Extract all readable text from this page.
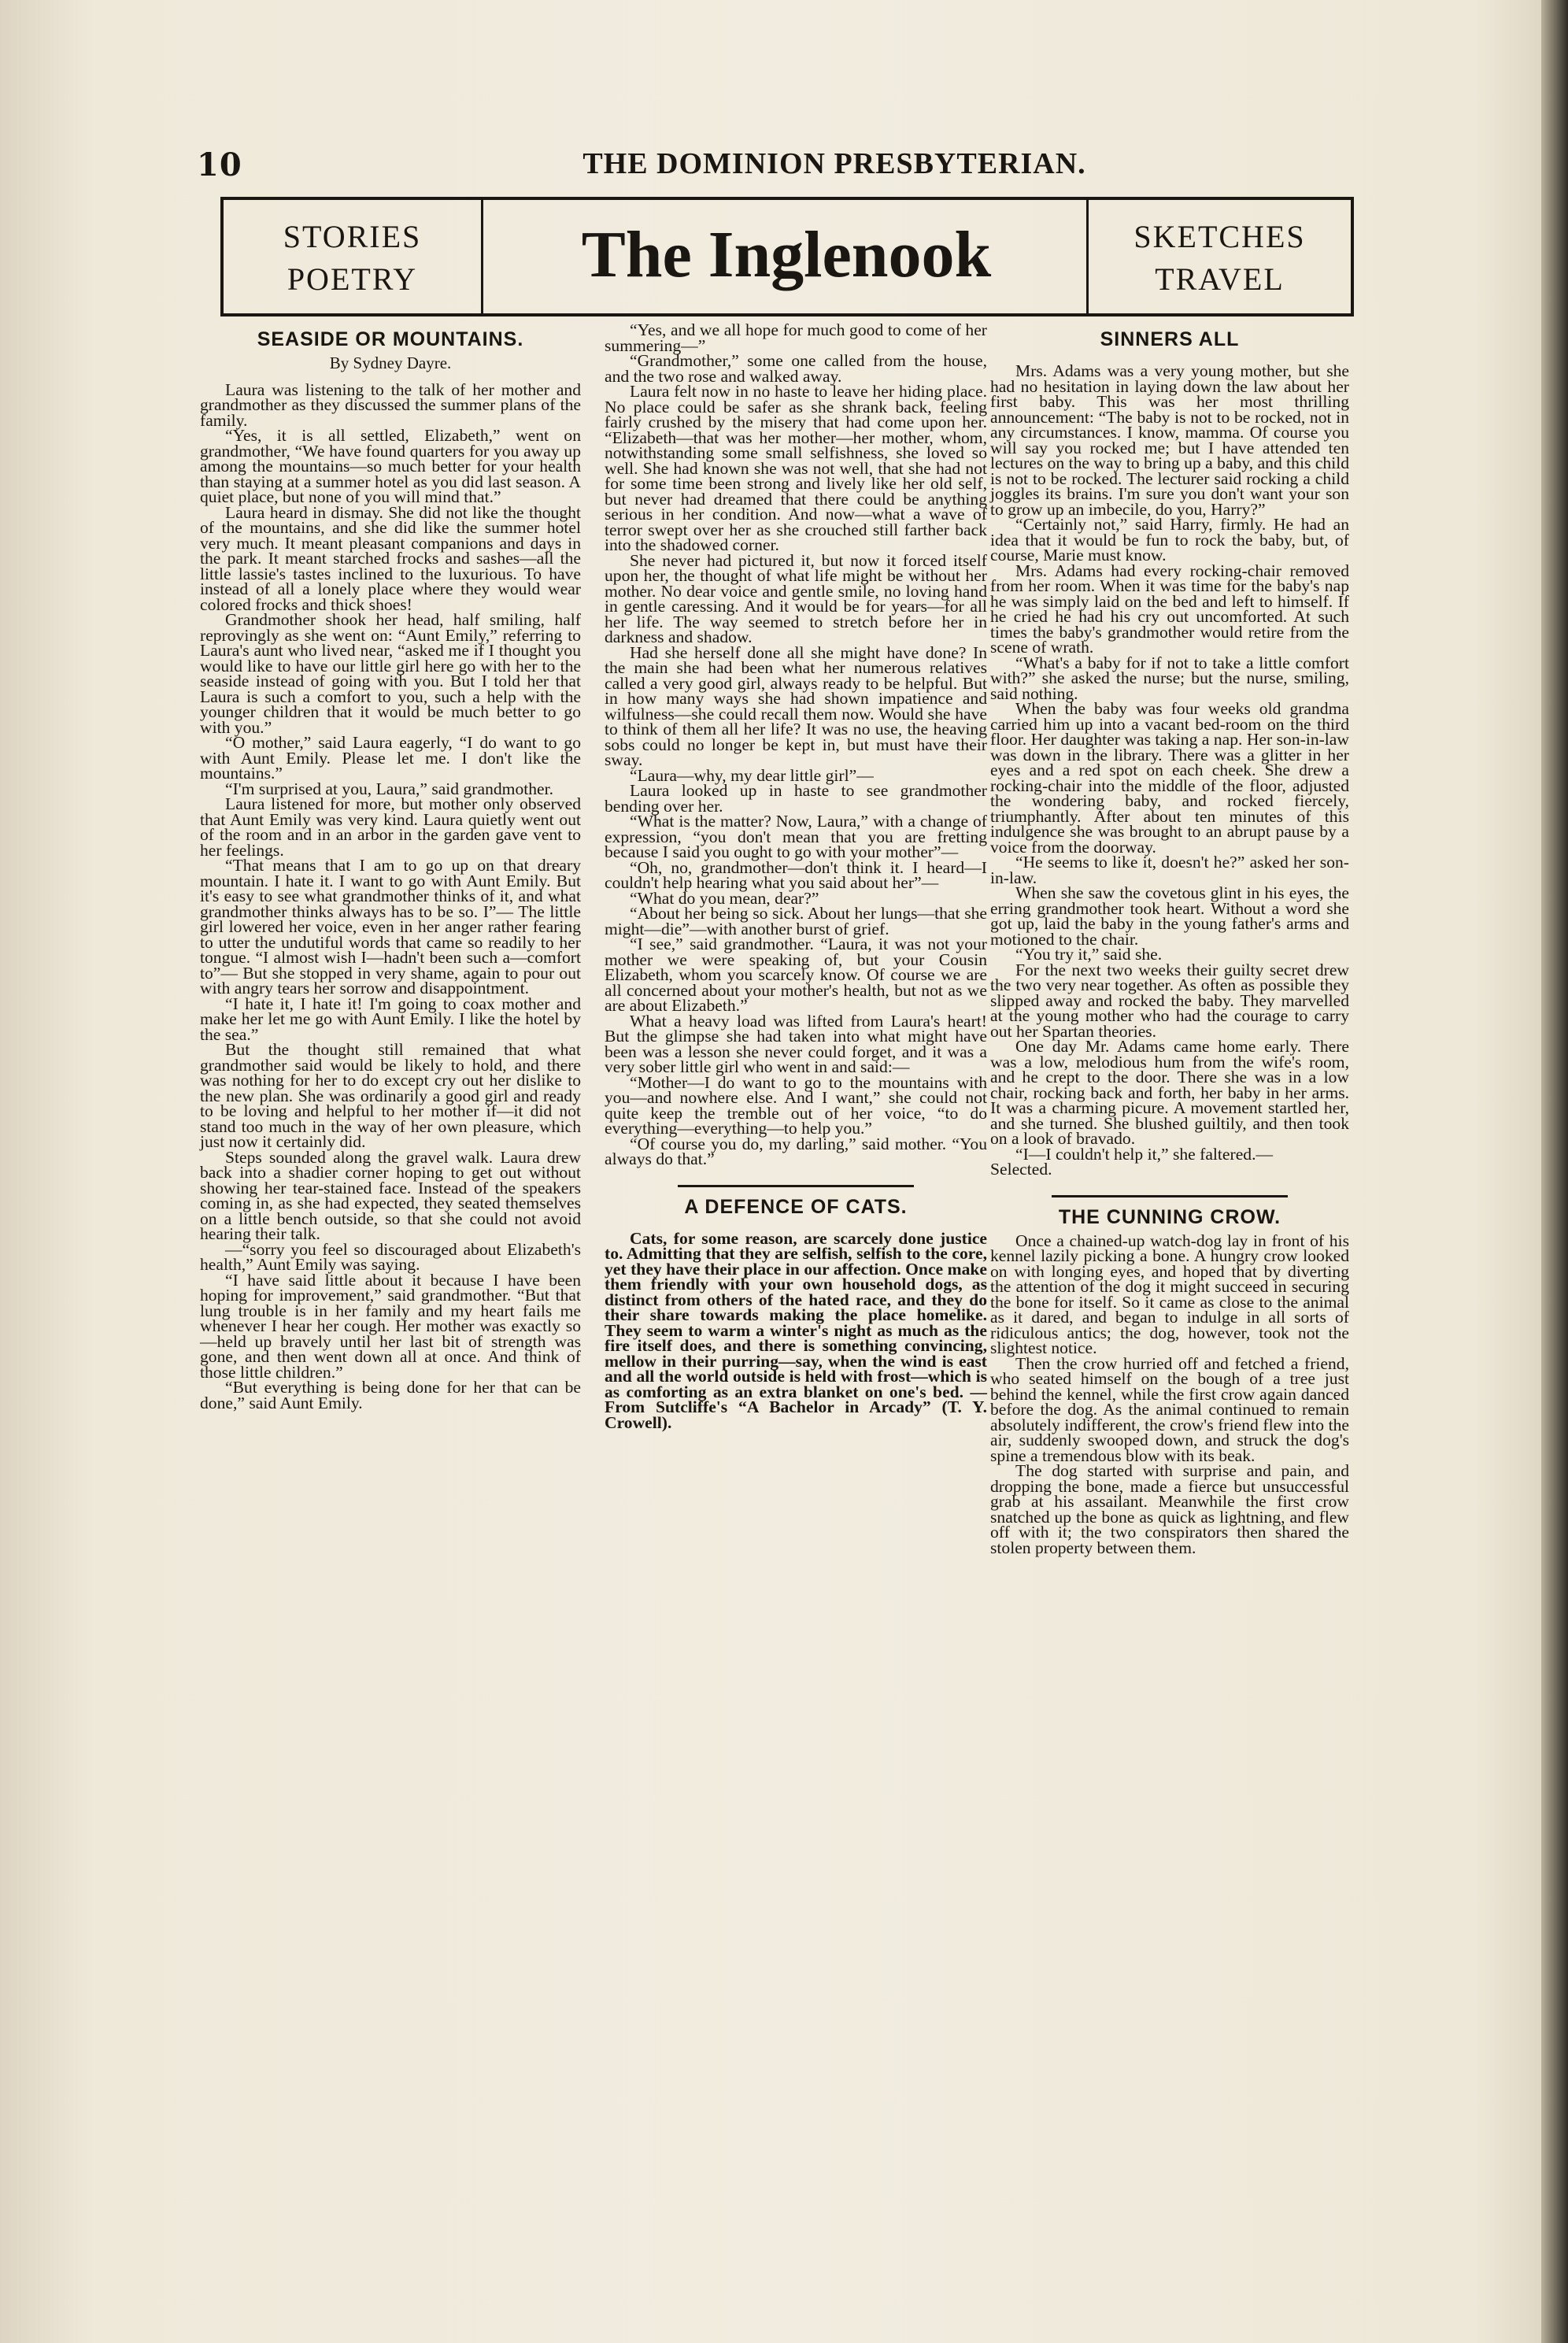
10	THE DOMINION PRESBYTERIAN.
STORIES
POETRY	The Inglenook	SKETCHES
TRAVEL
SEASIDE OR MOUNTAINS.
By Sydney Dayre.

Laura was listening to the talk of her mother and grandmother as they discussed the summer plans of the family.

“Yes, it is all settled, Elizabeth,” went on grandmother, “We have found quarters for you away up among the mountains—so much better for your health than staying at a summer hotel as you did last season. A quiet place, but none of you will mind that.”

Laura heard in dismay. She did not like the thought of the mountains, and she did like the summer hotel very much. It meant pleasant companions and days in the park. It meant starched frocks and sashes—all the little lassie's tastes inclined to the luxurious. To have instead of all a lonely place where they would wear colored frocks and thick shoes!

Grandmother shook her head, half smiling, half reprovingly as she went on: “Aunt Emily,” referring to Laura's aunt who lived near, “asked me if I thought you would like to have our little girl here go with her to the seaside instead of going with you. But I told her that Laura is such a comfort to you, such a help with the younger children that it would be much better to go with you.”

“O mother,” said Laura eagerly, “I do want to go with Aunt Emily. Please let me. I don't like the mountains.”

“I'm surprised at you, Laura,” said grandmother.

Laura listened for more, but mother only observed that Aunt Emily was very kind. Laura quietly went out of the room and in an arbor in the garden gave vent to her feelings.

“That means that I am to go up on that dreary mountain. I hate it. I want to go with Aunt Emily. But it's easy to see what grandmother thinks of it, and what grandmother thinks always has to be so. I”— The little girl lowered her voice, even in her anger rather fearing to utter the undutiful words that came so readily to her tongue. “I almost wish I—hadn't been such a—comfort to”— But she stopped in very shame, again to pour out with angry tears her sorrow and disappointment.

“I hate it, I hate it! I'm going to coax mother and make her let me go with Aunt Emily. I like the hotel by the sea.”

But the thought still remained that what grandmother said would be likely to hold, and there was nothing for her to do except cry out her dislike to the new plan. She was ordinarily a good girl and ready to be loving and helpful to her mother if—it did not stand too much in the way of her own pleasure, which just now it certainly did.

Steps sounded along the gravel walk. Laura drew back into a shadier corner hoping to get out without showing her tear-stained face. Instead of the speakers coming in, as she had expected, they seated themselves on a little bench outside, so that she could not avoid hearing their talk.

—“sorry you feel so discouraged about Elizabeth's health,” Aunt Emily was saying.

“I have said little about it because I have been hoping for improvement,” said grandmother. “But that lung trouble is in her family and my heart fails me whenever I hear her cough. Her mother was exactly so—held up bravely until her last bit of strength was gone, and then went down all at once. And think of those little children.”

“But everything is being done for her that can be done,” said Aunt Emily.

“Yes, and we all hope for much good to come of her summering—”

“Grandmother,” some one called from the house, and the two rose and walked away.

Laura felt now in no haste to leave her hiding place. No place could be safer as she shrank back, feeling fairly crushed by the misery that had come upon her. “Elizabeth—that was her mother—her mother, whom, notwithstanding some small selfishness, she loved so well. She had known she was not well, that she had not for some time been strong and lively like her old self, but never had dreamed that there could be anything serious in her condition. And now—what a wave of terror swept over her as she crouched still farther back into the shadowed corner.

She never had pictured it, but now it forced itself upon her, the thought of what life might be without her mother. No dear voice and gentle smile, no loving hand in gentle caressing. And it would be for years—for all her life. The way seemed to stretch before her in darkness and shadow.

Had she herself done all she might have done? In the main she had been what her numerous relatives called a very good girl, always ready to be helpful. But in how many ways she had shown impatience and wilfulness—she could recall them now. Would she have to think of them all her life? It was no use, the heaving sobs could no longer be kept in, but must have their sway.

“Laura—why, my dear little girl”—

Laura looked up in haste to see grandmother bending over her.

“What is the matter? Now, Laura,” with a change of expression, “you don't mean that you are fretting because I said you ought to go with your mother”—

“Oh, no, grandmother—don't think it. I heard—I couldn't help hearing what you said about her”—

“What do you mean, dear?”

“About her being so sick. About her lungs—that she might—die”—with another burst of grief.

“I see,” said grandmother. “Laura, it was not your mother we were speaking of, but your Cousin Elizabeth, whom you scarcely know. Of course we are all concerned about your mother's health, but not as we are about Elizabeth.”

What a heavy load was lifted from Laura's heart! But the glimpse she had taken into what might have been was a lesson she never could forget, and it was a very sober little girl who went in and said:—

“Mother—I do want to go to the mountains with you—and nowhere else. And I want,” she could not quite keep the tremble out of her voice, “to do everything—everything—to help you.”

“Of course you do, my darling,” said mother. “You always do that.”

A DEFENCE OF CATS.

Cats, for some reason, are scarcely done justice to. Admitting that they are selfish, selfish to the core, yet they have their place in our affection. Once make them friendly with your own household dogs, as distinct from others of the hated race, and they do their share towards making the place homelike. They seem to warm a winter's night as much as the fire itself does, and there is something convincing, mellow in their purring—say, when the wind is east and all the world outside is held with frost—which is as comforting as an extra blanket on one's bed. —From Sutcliffe's “A Bachelor in Arcady” (T. Y. Crowell).

SINNERS ALL

Mrs. Adams was a very young mother, but she had no hesitation in laying down the law about her first baby. This was her most thrilling announcement: “The baby is not to be rocked, not in any circumstances. I know, mamma. Of course you will say you rocked me; but I have attended ten lectures on the way to bring up a baby, and this child is not to be rocked. The lecturer said rocking a child joggles its brains. I'm sure you don't want your son to grow up an imbecile, do you, Harry?”

“Certainly not,” said Harry, firmly. He had an idea that it would be fun to rock the baby, but, of course, Marie must know.

Mrs. Adams had every rocking-chair removed from her room. When it was time for the baby's nap he was simply laid on the bed and left to himself. If he cried he had his cry out uncomforted. At such times the baby's grandmother would retire from the scene of wrath.

“What's a baby for if not to take a little comfort with?” she asked the nurse; but the nurse, smiling, said nothing.

When the baby was four weeks old grandma carried him up into a vacant bed-room on the third floor. Her daughter was taking a nap. Her son-in-law was down in the library. There was a glitter in her eyes and a red spot on each cheek. She drew a rocking-chair into the middle of the floor, adjusted the wondering baby, and rocked fiercely, triumphantly. After about ten minutes of this indulgence she was brought to an abrupt pause by a voice from the doorway.

“He seems to like it, doesn't he?” asked her son-in-law.

When she saw the covetous glint in his eyes, the erring grandmother took heart. Without a word she got up, laid the baby in the young father's arms and motioned to the chair.

“You try it,” said she.

For the next two weeks their guilty secret drew the two very near together. As often as possible they slipped away and rocked the baby. They marvelled at the young mother who had the courage to carry out her Spartan theories.

One day Mr. Adams came home early. There was a low, melodious hum from the wife's room, and he crept to the door. There she was in a low chair, rocking back and forth, her baby in her arms. It was a charming picure. A movement startled her, and she turned. She blushed guiltily, and then took on a look of bravado.

“I—I couldn't help it,” she faltered.—

Selected.

THE CUNNING CROW.

Once a chained-up watch-dog lay in front of his kennel lazily picking a bone. A hungry crow looked on with longing eyes, and hoped that by diverting the attention of the dog it might succeed in securing the bone for itself. So it came as close to the animal as it dared, and began to indulge in all sorts of ridiculous antics; the dog, however, took not the slightest notice.

Then the crow hurried off and fetched a friend, who seated himself on the bough of a tree just behind the kennel, while the first crow again danced before the dog. As the animal continued to remain absolutely indifferent, the crow's friend flew into the air, suddenly swooped down, and struck the dog's spine a tremendous blow with its beak.

The dog started with surprise and pain, and dropping the bone, made a fierce but unsuccessful grab at his assailant. Meanwhile the first crow snatched up the bone as quick as lightning, and flew off with it; the two conspirators then shared the stolen property between them.
